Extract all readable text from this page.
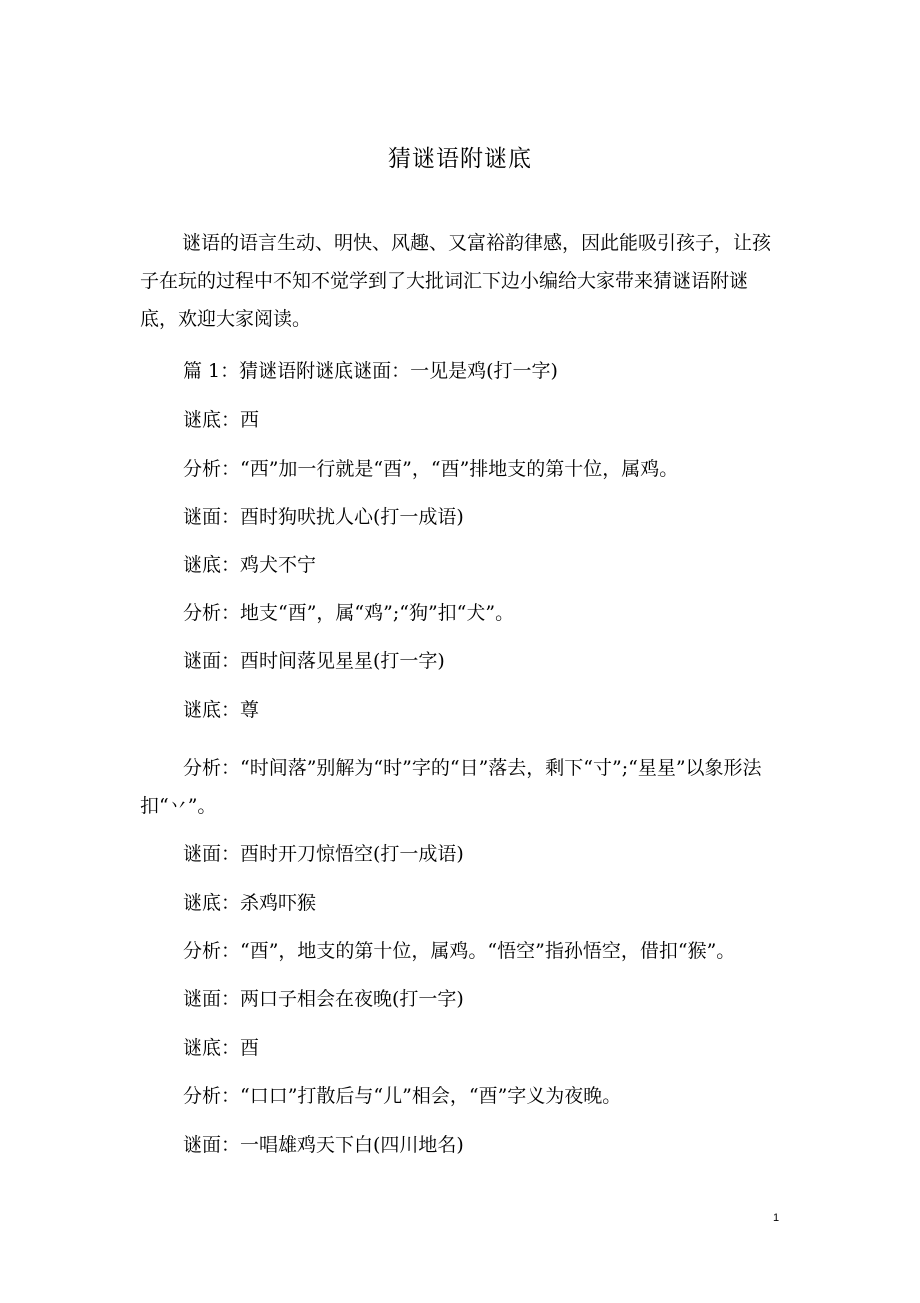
猜谜语附谜底

谜语的语言生动、明快、风趣、又富裕韵律感，因此能吸引孩子，让孩子在玩的过程中不知不觉学到了大批词汇下边小编给大家带来猜谜语附谜底，欢迎大家阅读。

篇 1：猜谜语附谜底谜面：一见是鸡(打一字)
谜底：西
分析：“西”加一行就是“酉”，“酉”排地支的第十位，属鸡。
谜面：酉时狗吠扰人心(打一成语)
谜底：鸡犬不宁
分析：地支“酉”，属“鸡”;“狗”扣“犬”。
谜面：酉时间落见星星(打一字)
谜底：尊

分析：“时间落”别解为“时”字的“日”落去，剩下“寸”;“星星”以象形法扣“丷”。

谜面：酉时开刀惊悟空(打一成语)
谜底：杀鸡吓猴
分析：“酉”，地支的第十位，属鸡。“悟空”指孙悟空，借扣“猴”。
谜面：两口子相会在夜晚(打一字)
谜底：酉
分析：“口口”打散后与“儿”相会，“酉”字义为夜晚。
谜面：一唱雄鸡天下白(四川地名)
1
